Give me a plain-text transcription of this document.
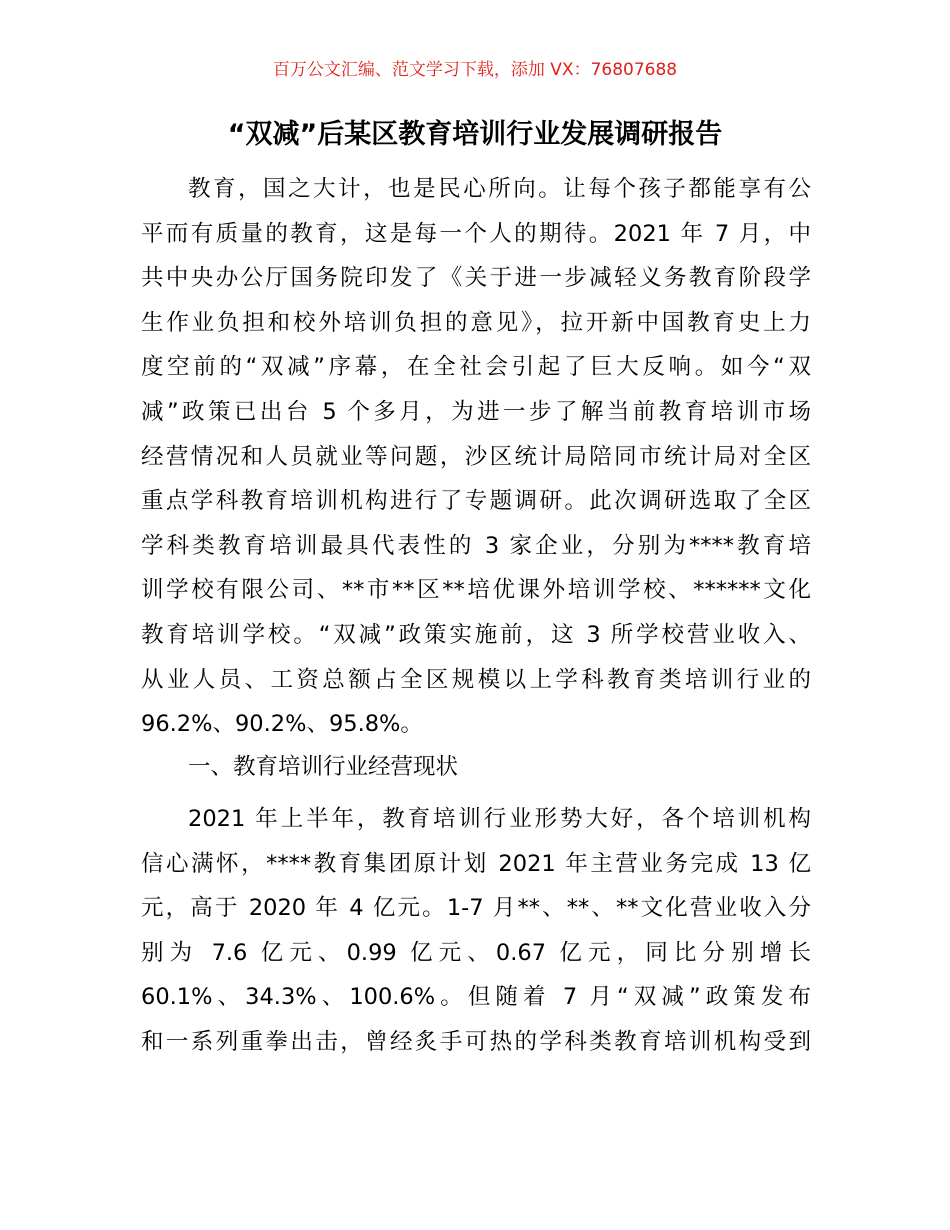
百万公文汇编、范文学习下载，添加 VX：76807688
“双减”后某区教育培训行业发展调研报告
教育，国之大计，也是民心所向。让每个孩子都能享有公
平而有质量的教育，这是每一个人的期待。2021 年 7 月，中
共中央办公厅国务院印发了《关于进一步减轻义务教育阶段学
生作业负担和校外培训负担的意见》，拉开新中国教育史上力
度空前的“双减”序幕，在全社会引起了巨大反响。如今“双
减”政策已出台 5 个多月，为进一步了解当前教育培训市场
经营情况和人员就业等问题，沙区统计局陪同市统计局对全区
重点学科教育培训机构进行了专题调研。此次调研选取了全区
学科类教育培训最具代表性的 3 家企业，分别为****教育培
训学校有限公司、**市**区**培优课外培训学校、******文化
教育培训学校。“双减”政策实施前，这 3 所学校营业收入、
从业人员、工资总额占全区规模以上学科教育类培训行业的
96.2%、90.2%、95.8%。
一、教育培训行业经营现状
2021 年上半年，教育培训行业形势大好，各个培训机构
信心满怀，****教育集团原计划 2021 年主营业务完成 13 亿
元，高于 2020 年 4 亿元。1-7 月**、**、**文化营业收入分
别为 7.6 亿元、0.99 亿元、0.67 亿元，同比分别增长
60.1%、34.3%、100.6%。但随着 7 月“双减”政策发布
和一系列重拳出击，曾经炙手可热的学科类教育培训机构受到
